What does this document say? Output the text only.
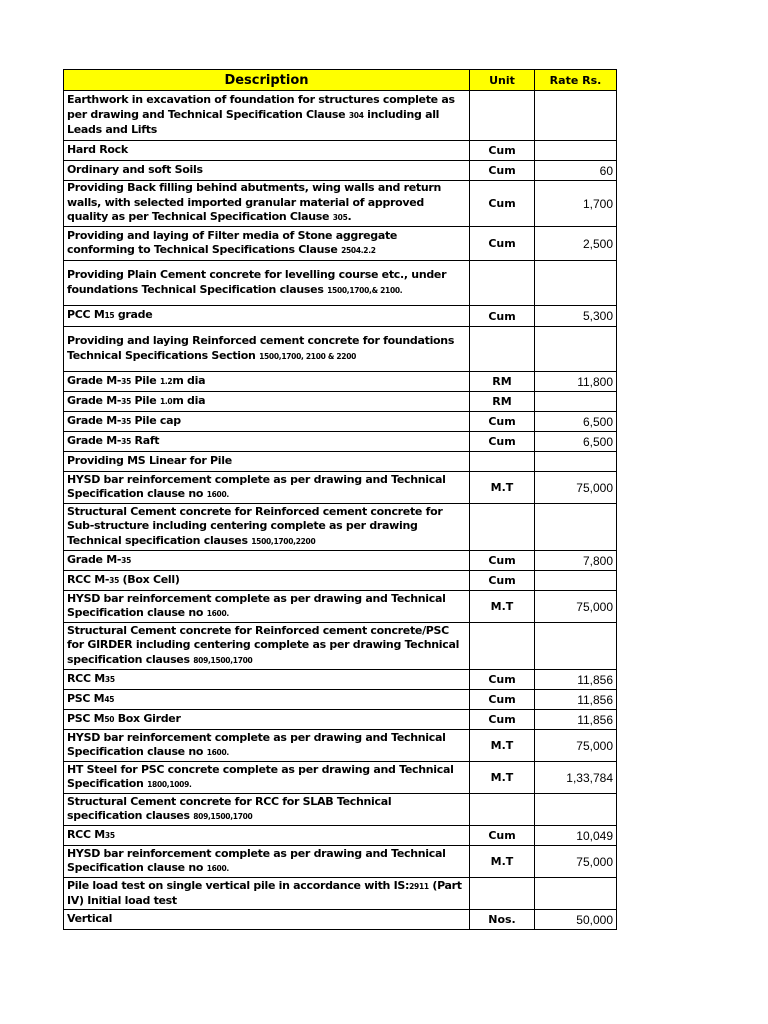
Description	Unit	Rate Rs.
Earthwork in excavation of foundation for structures complete as per drawing and Technical Specification Clause 304 including all Leads and Lifts		
Hard Rock	Cum	
Ordinary and soft Soils	Cum	60
Providing Back filling behind abutments, wing walls and return walls, with selected imported granular material of approved quality as per Technical Specification Clause 305.	Cum	1,700
Providing and laying of Filter media of Stone aggregate conforming to Technical Specifications Clause 2504.2.2	Cum	2,500
Providing Plain Cement concrete for levelling course etc., under foundations Technical Specification clauses 1500,1700,& 2100.		
PCC M15 grade	Cum	5,300
Providing and laying Reinforced cement concrete for foundations Technical Specifications Section 1500,1700, 2100 & 2200		
Grade M-35 Pile 1.2m dia	RM	11,800
Grade M-35 Pile 1.0m dia	RM	
Grade M-35 Pile cap	Cum	6,500
Grade M-35 Raft	Cum	6,500
Providing MS Linear for Pile		
HYSD bar reinforcement complete as per drawing and Technical Specification clause no 1600.	M.T	75,000
Structural Cement concrete for Reinforced cement concrete for Sub-structure including centering complete as per drawing Technical specification clauses 1500,1700,2200		
Grade M-35	Cum	7,800
RCC M-35 (Box Cell)	Cum	
HYSD bar reinforcement complete as per drawing and Technical Specification clause no 1600.	M.T	75,000
Structural Cement concrete for Reinforced cement concrete/PSC for GIRDER including centering complete as per drawing Technical specification clauses 809,1500,1700		
RCC M35	Cum	11,856
PSC M45	Cum	11,856
PSC M50 Box Girder	Cum	11,856
HYSD bar reinforcement complete as per drawing and Technical Specification clause no 1600.	M.T	75,000
HT Steel for PSC concrete complete as per drawing and Technical Specification 1800,1009.	M.T	1,33,784
Structural Cement concrete for RCC for SLAB Technical specification clauses 809,1500,1700		
RCC M35	Cum	10,049
HYSD bar reinforcement complete as per drawing and Technical Specification clause no 1600.	M.T	75,000
Pile load test on single vertical pile in accordance with IS:2911 (Part IV) Initial load test		
Vertical	Nos.	50,000
